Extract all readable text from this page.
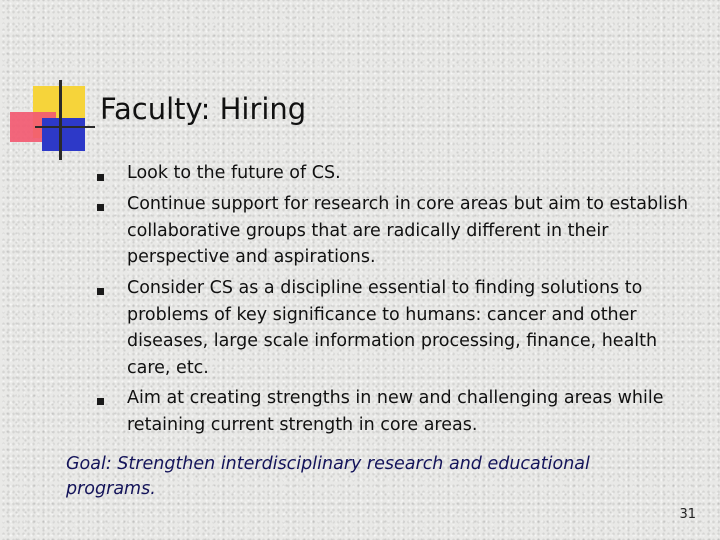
Faculty: Hiring

Look to the future of CS.

Continue support for research in core areas but aim to establish collaborative groups that are radically different in their perspective and aspirations.

Consider CS as a discipline essential to finding solutions to problems of key significance to humans: cancer and other diseases, large scale information processing, finance, health care, etc.

Aim at creating strengths in new and challenging areas while retaining current strength in core areas.

Goal: Strengthen interdisciplinary research and educational programs.

31
